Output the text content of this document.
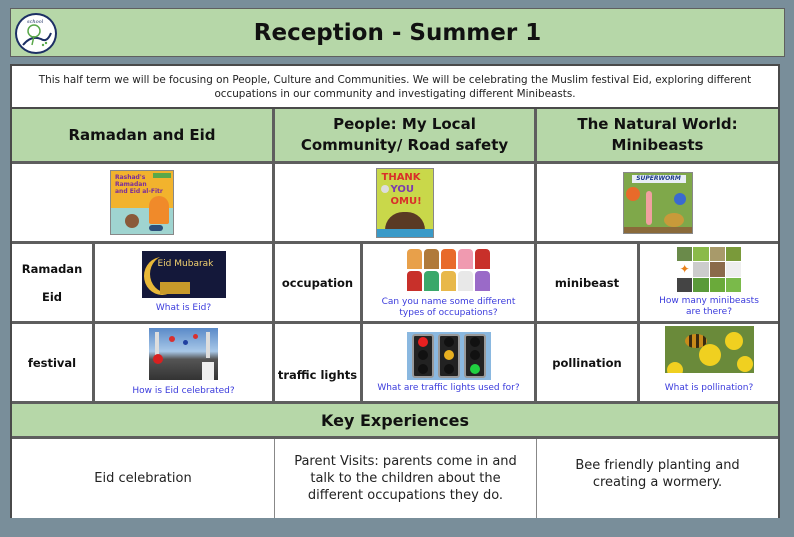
school	Reception - Summer 1
This half term we will be focusing on People, Culture and Communities. We will be celebrating the Muslim festival Eid, exploring different occupations in our community and investigating different Minibeasts.
Ramadan and Eid
People: My Local Community/ Road safety
The Natural World: Minibeasts
Rashad's
Ramadan
and Eid al-Fitr
THANK
YOU
OMU!
SUPERWORM
Ramadan
Eid
Eid Mubarak
What is Eid?
occupation
Can you name some different types of occupations?
minibeast
✦
How many minibeasts are there?
festival
How is Eid celebrated?
traffic lights
What are traffic lights used for?
pollination
What is pollination?
Key Experiences
Eid celebration
Parent Visits: parents come in and talk to the children about the different occupations they do.
Bee friendly planting and creating a wormery.
